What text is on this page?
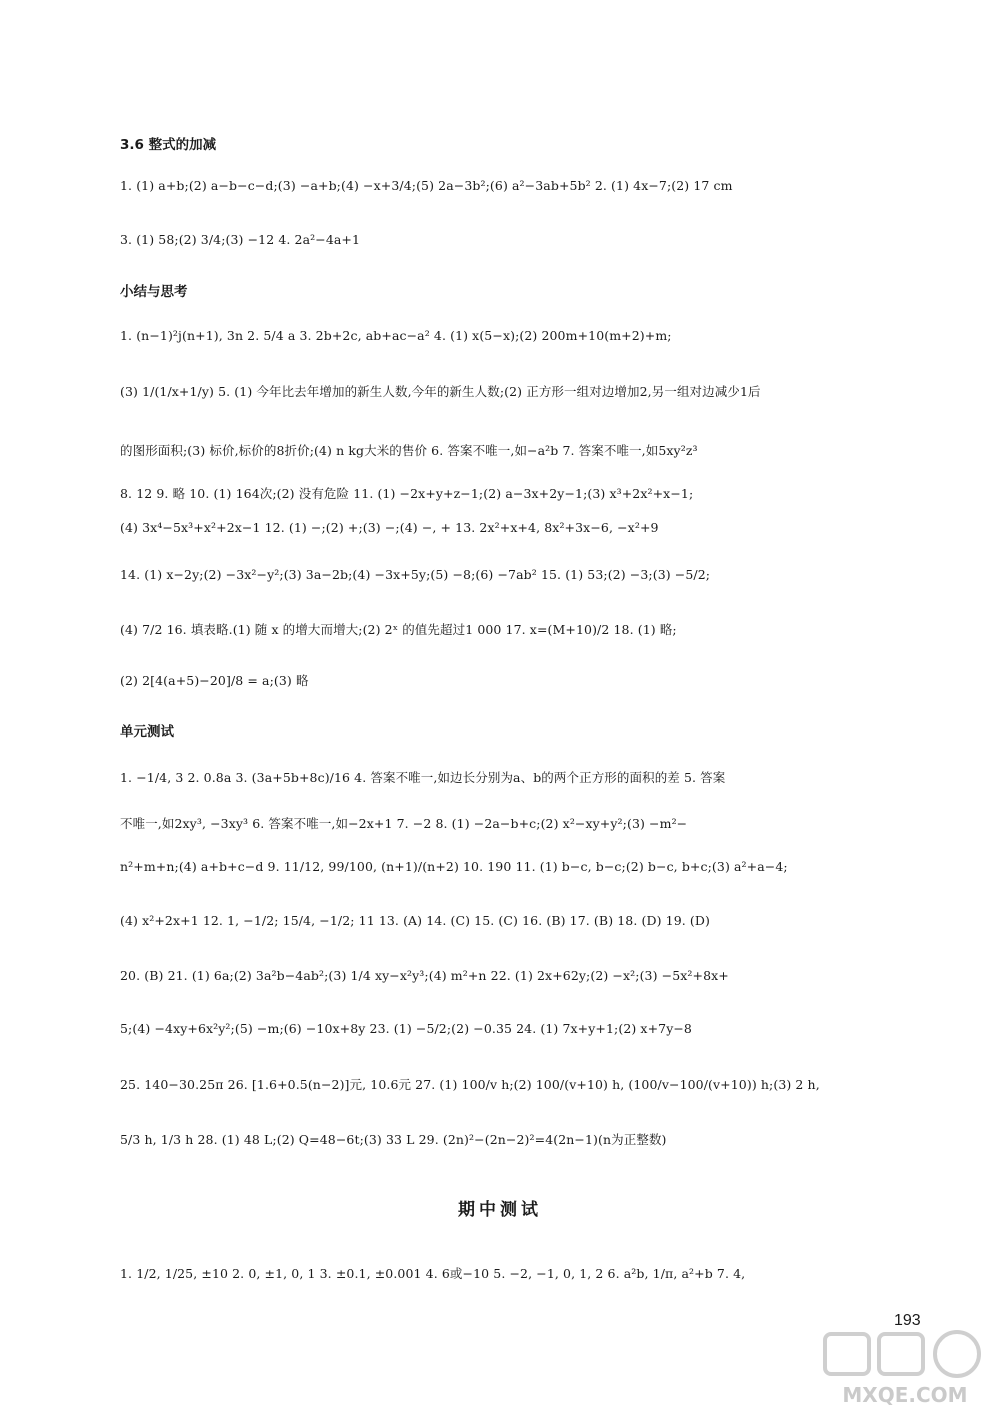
3.6 整式的加减
1. (1) a+b;(2) a−b−c−d;(3) −a+b;(4) −x+3/4;(5) 2a−3b²;(6) a²−3ab+5b² 2. (1) 4x−7;(2) 17 cm
3. (1) 58;(2) 3/4;(3) −12 4. 2a²−4a+1
小结与思考
1. (n−1)²j(n+1), 3n 2. 5/4 a 3. 2b+2c, ab+ac−a² 4. (1) x(5−x);(2) 200m+10(m+2)+m;
(3) 1/(1/x+1/y) 5. (1) 今年比去年增加的新生人数,今年的新生人数;(2) 正方形一组对边增加2,另一组对边减少1后
的图形面积;(3) 标价,标价的8折价;(4) n kg大米的售价 6. 答案不唯一,如−a²b 7. 答案不唯一,如5xy²z³
8. 12 9. 略 10. (1) 164次;(2) 没有危险 11. (1) −2x+y+z−1;(2) a−3x+2y−1;(3) x³+2x²+x−1;
(4) 3x⁴−5x³+x²+2x−1 12. (1) −;(2) +;(3) −;(4) −, + 13. 2x²+x+4, 8x²+3x−6, −x²+9
14. (1) x−2y;(2) −3x²−y²;(3) 3a−2b;(4) −3x+5y;(5) −8;(6) −7ab² 15. (1) 53;(2) −3;(3) −5/2;
(4) 7/2 16. 填表略.(1) 随 x 的增大而增大;(2) 2ˣ 的值先超过1 000 17. x=(M+10)/2 18. (1) 略;
(2) 2[4(a+5)−20]/8 = a;(3) 略
单元测试
1. −1/4, 3 2. 0.8a 3. (3a+5b+8c)/16 4. 答案不唯一,如边长分别为a、b的两个正方形的面积的差 5. 答案
不唯一,如2xy³, −3xy³ 6. 答案不唯一,如−2x+1 7. −2 8. (1) −2a−b+c;(2) x²−xy+y²;(3) −m²−
n²+m+n;(4) a+b+c−d 9. 11/12, 99/100, (n+1)/(n+2) 10. 190 11. (1) b−c, b−c;(2) b−c, b+c;(3) a²+a−4;
(4) x²+2x+1 12. 1, −1/2; 15/4, −1/2; 11 13. (A) 14. (C) 15. (C) 16. (B) 17. (B) 18. (D) 19. (D)
20. (B) 21. (1) 6a;(2) 3a²b−4ab²;(3) 1/4 xy−x²y³;(4) m²+n 22. (1) 2x+62y;(2) −x²;(3) −5x²+8x+
5;(4) −4xy+6x²y²;(5) −m;(6) −10x+8y 23. (1) −5/2;(2) −0.35 24. (1) 7x+y+1;(2) x+7y−8
25. 140−30.25π 26. [1.6+0.5(n−2)]元, 10.6元 27. (1) 100/v h;(2) 100/(v+10) h, (100/v−100/(v+10)) h;(3) 2 h,
5/3 h, 1/3 h 28. (1) 48 L;(2) Q=48−6t;(3) 33 L 29. (2n)²−(2n−2)²=4(2n−1)(n为正整数)
期中测试
1. 1/2, 1/25, ±10 2. 0, ±1, 0, 1 3. ±0.1, ±0.001 4. 6或−10 5. −2, −1, 0, 1, 2 6. a²b, 1/π, a²+b 7. 4,
193
MXQE.COM
